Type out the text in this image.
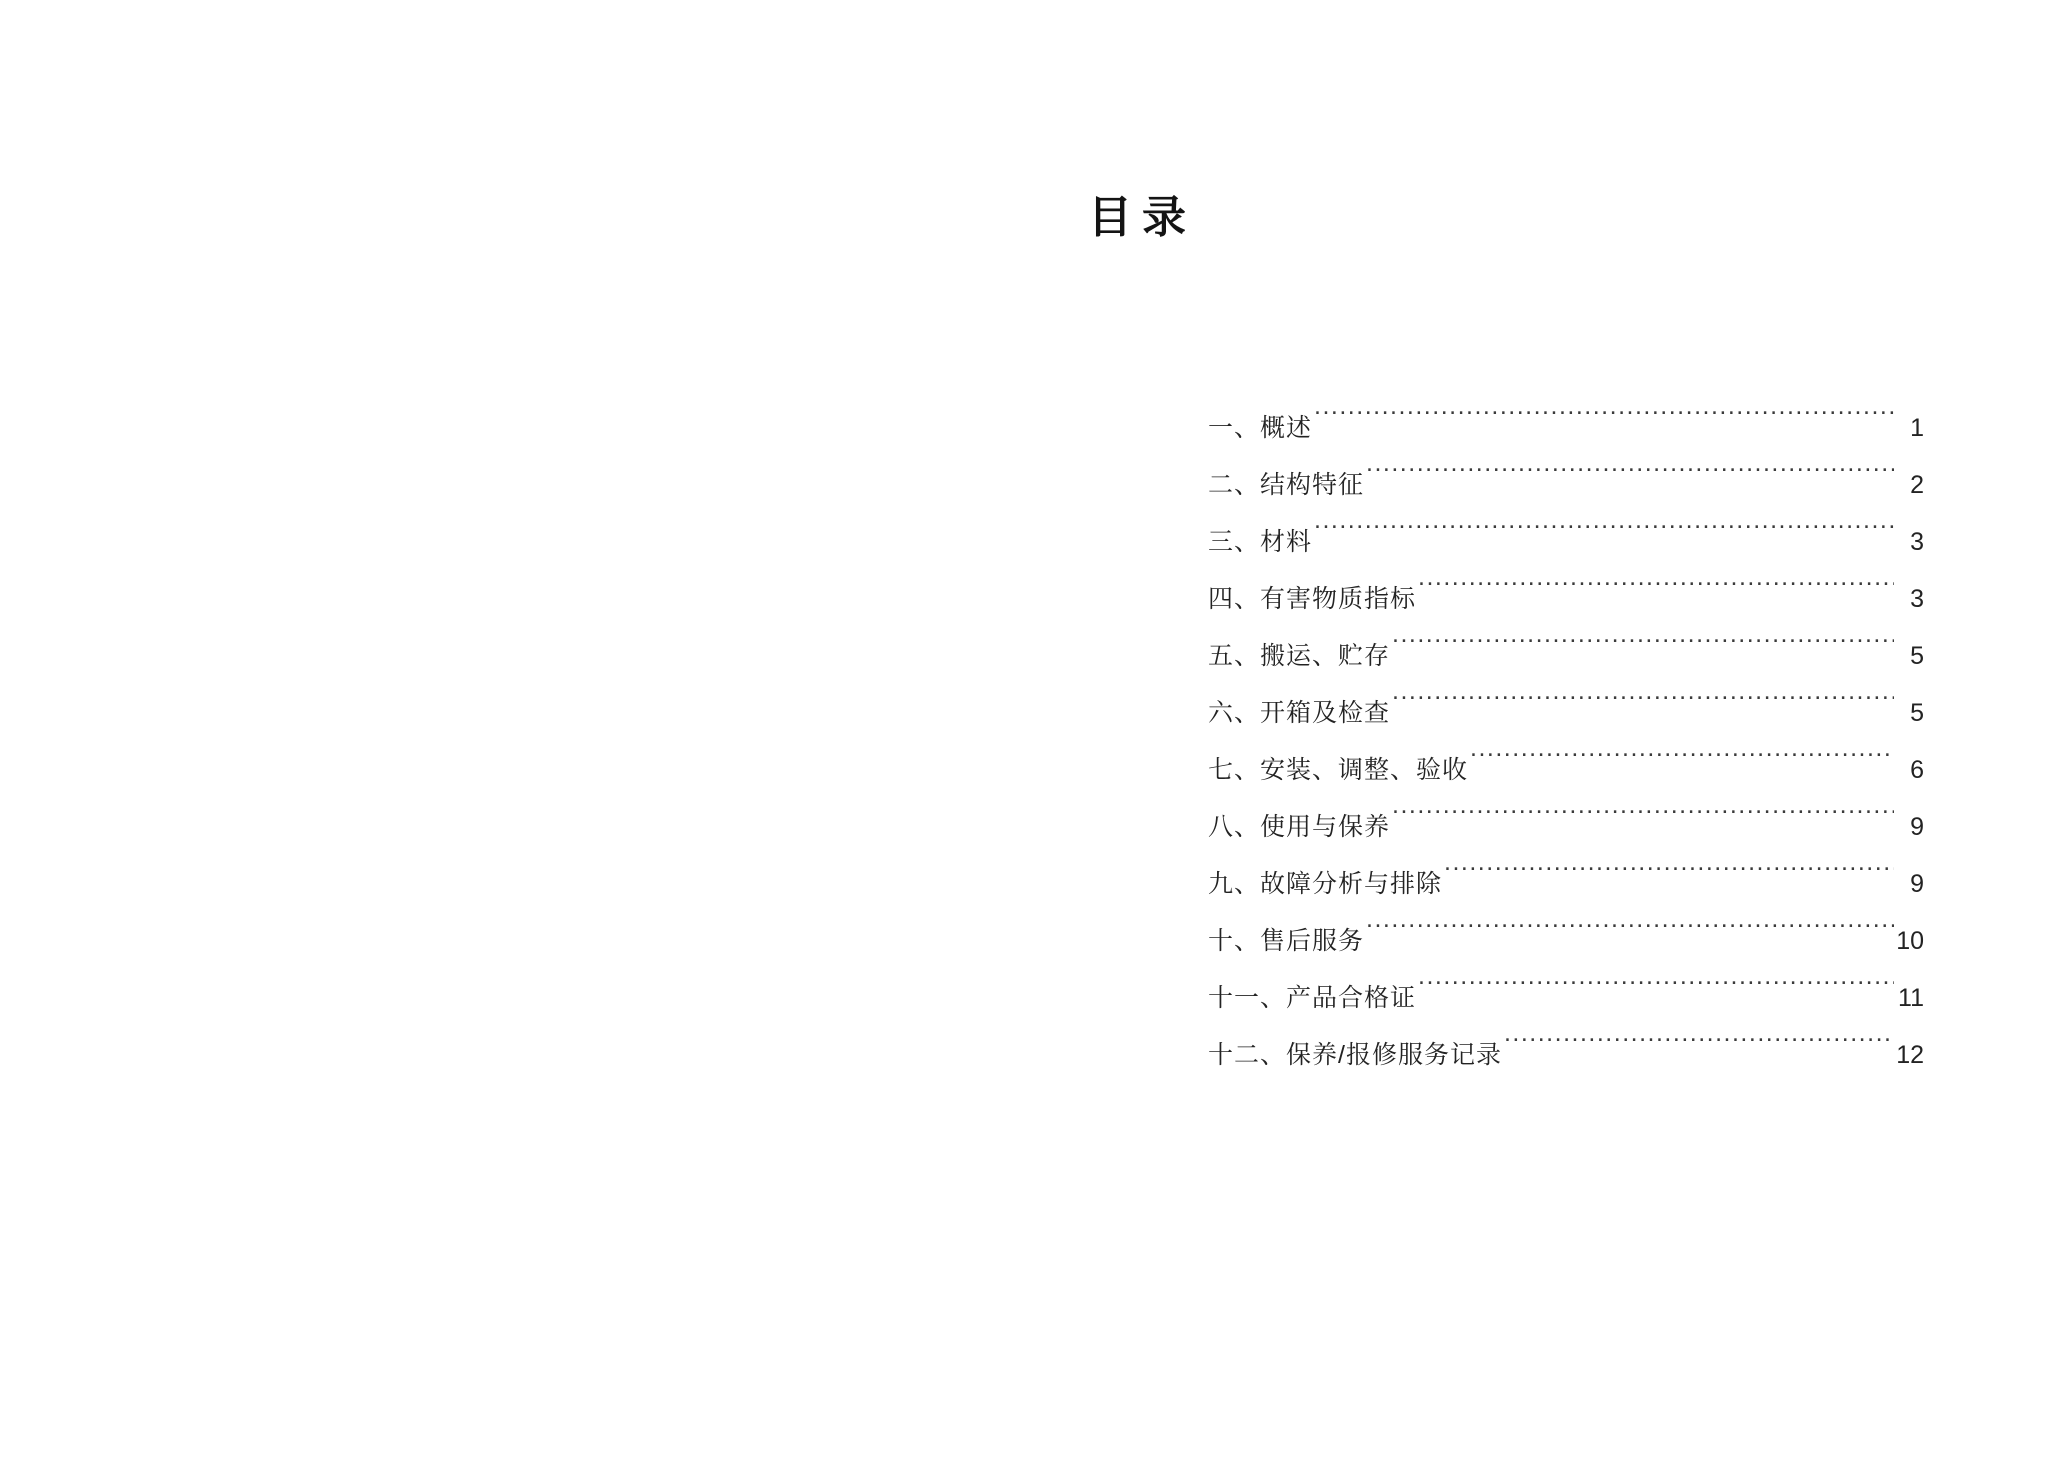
目录
一、概述 .....	1
二、结构特征 .....	2
三、材料 .....	3
四、有害物质指标 .....	3
五、搬运、贮存 .....	5
六、开箱及检查 .....	5
七、安装、调整、验收 .....	6
八、使用与保养 .....	9
九、故障分析与排除 .....	9
十、售后服务 .....	10
十一、产品合格证 .....	11
十二、保养/报修服务记录 .....	12
